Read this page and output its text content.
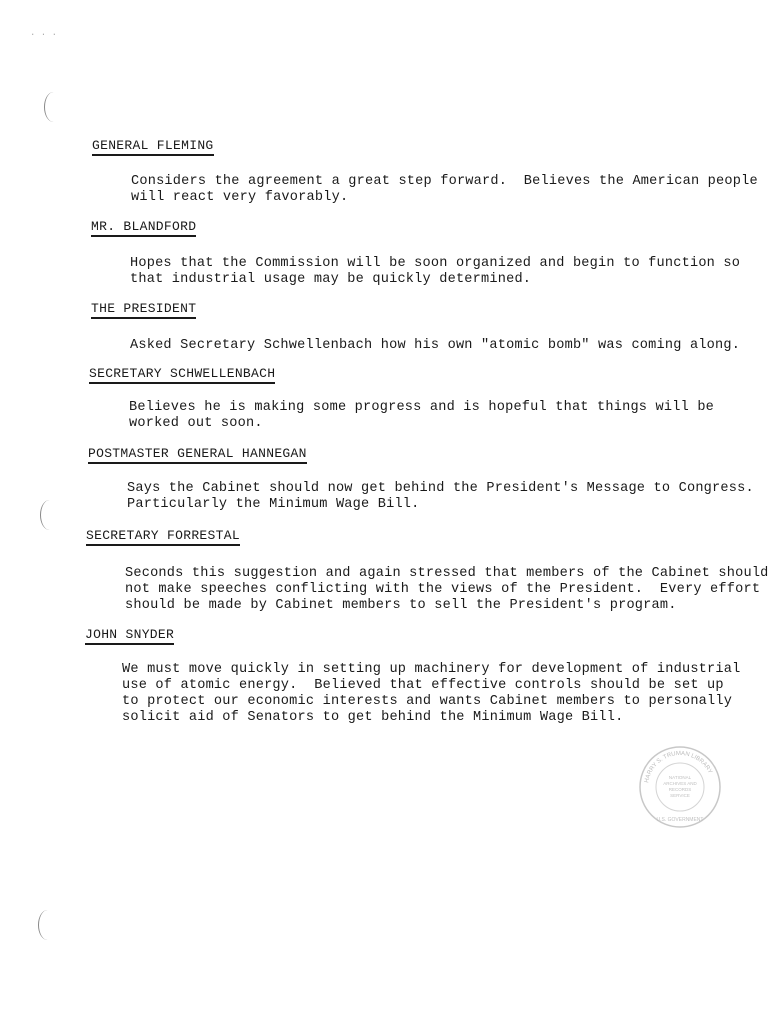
· · ·
GENERAL FLEMING
Considers the agreement a great step forward.  Believes the American people
will react very favorably.
MR. BLANDFORD
Hopes that the Commission will be soon organized and begin to function so
that industrial usage may be quickly determined.
THE PRESIDENT
Asked Secretary Schwellenbach how his own "atomic bomb" was coming along.
SECRETARY SCHWELLENBACH
Believes he is making some progress and is hopeful that things will be
worked out soon.
POSTMASTER GENERAL HANNEGAN
Says the Cabinet should now get behind the President's Message to Congress.
Particularly the Minimum Wage Bill.
SECRETARY FORRESTAL
Seconds this suggestion and again stressed that members of the Cabinet should
not make speeches conflicting with the views of the President.  Every effort
should be made by Cabinet members to sell the President's program.
JOHN SNYDER
We must move quickly in setting up machinery for development of industrial
use of atomic energy.  Believed that effective controls should be set up
to protect our economic interests and wants Cabinet members to personally
solicit aid of Senators to get behind the Minimum Wage Bill.
HARRY S. TRUMAN LIBRARY
NATIONAL
ARCHIVES AND
RECORDS
SERVICE
U.S. GOVERNMENT
